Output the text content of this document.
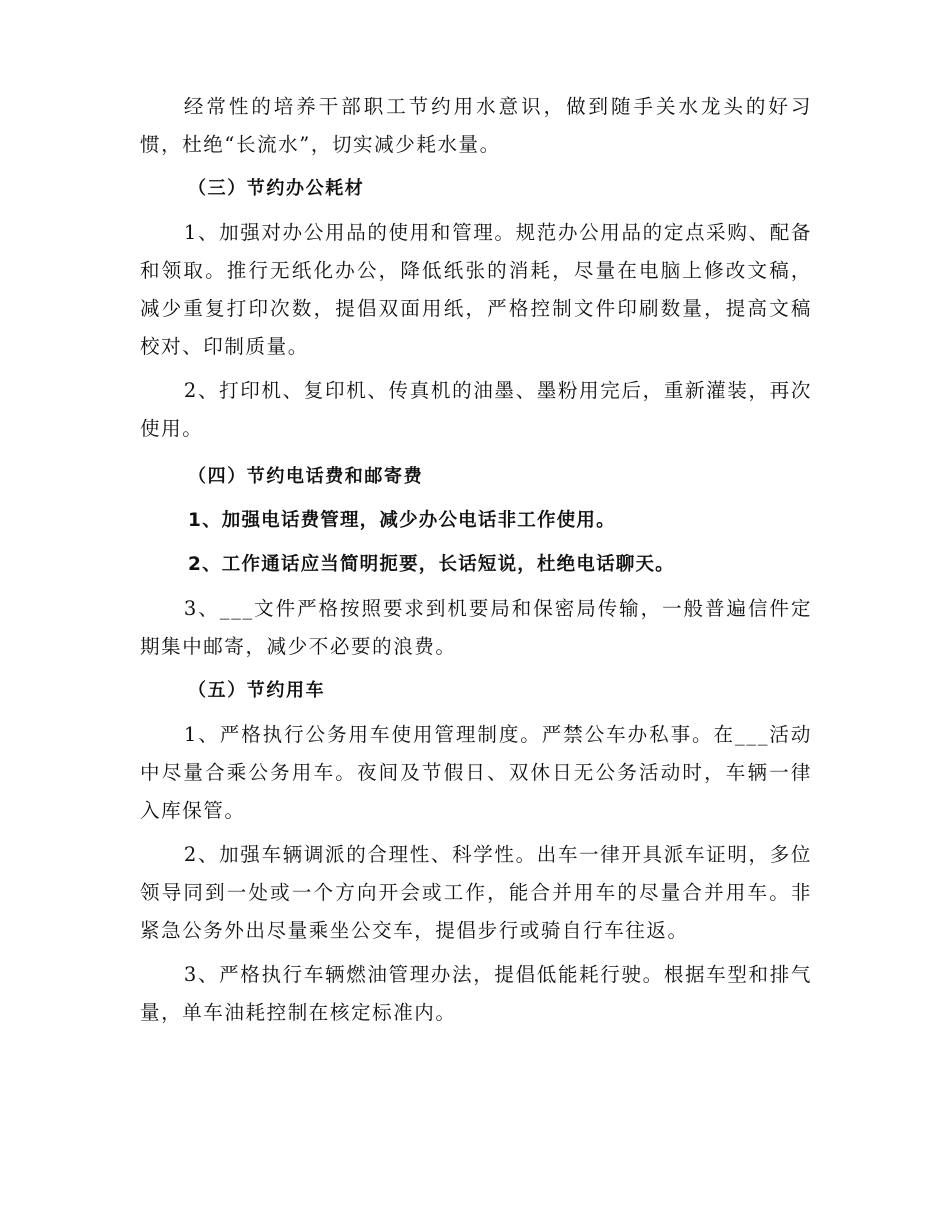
经常性的培养干部职工节约用水意识，做到随手关水龙头的好习惯，杜绝“长流水”，切实减少耗水量。

（三）节约办公耗材

1、加强对办公用品的使用和管理。规范办公用品的定点采购、配备和领取。推行无纸化办公，降低纸张的消耗，尽量在电脑上修改文稿，减少重复打印次数，提倡双面用纸，严格控制文件印刷数量，提高文稿校对、印制质量。

2、打印机、复印机、传真机的油墨、墨粉用完后，重新灌装，再次使用。

（四）节约电话费和邮寄费

1、加强电话费管理，减少办公电话非工作使用。

2、工作通话应当简明扼要，长话短说，杜绝电话聊天。

3、___文件严格按照要求到机要局和保密局传输，一般普遍信件定期集中邮寄，减少不必要的浪费。

（五）节约用车

1、严格执行公务用车使用管理制度。严禁公车办私事。在___活动中尽量合乘公务用车。夜间及节假日、双休日无公务活动时，车辆一律入库保管。

2、加强车辆调派的合理性、科学性。出车一律开具派车证明，多位领导同到一处或一个方向开会或工作，能合并用车的尽量合并用车。非紧急公务外出尽量乘坐公交车，提倡步行或骑自行车往返。

3、严格执行车辆燃油管理办法，提倡低能耗行驶。根据车型和排气量，单车油耗控制在核定标准内。
